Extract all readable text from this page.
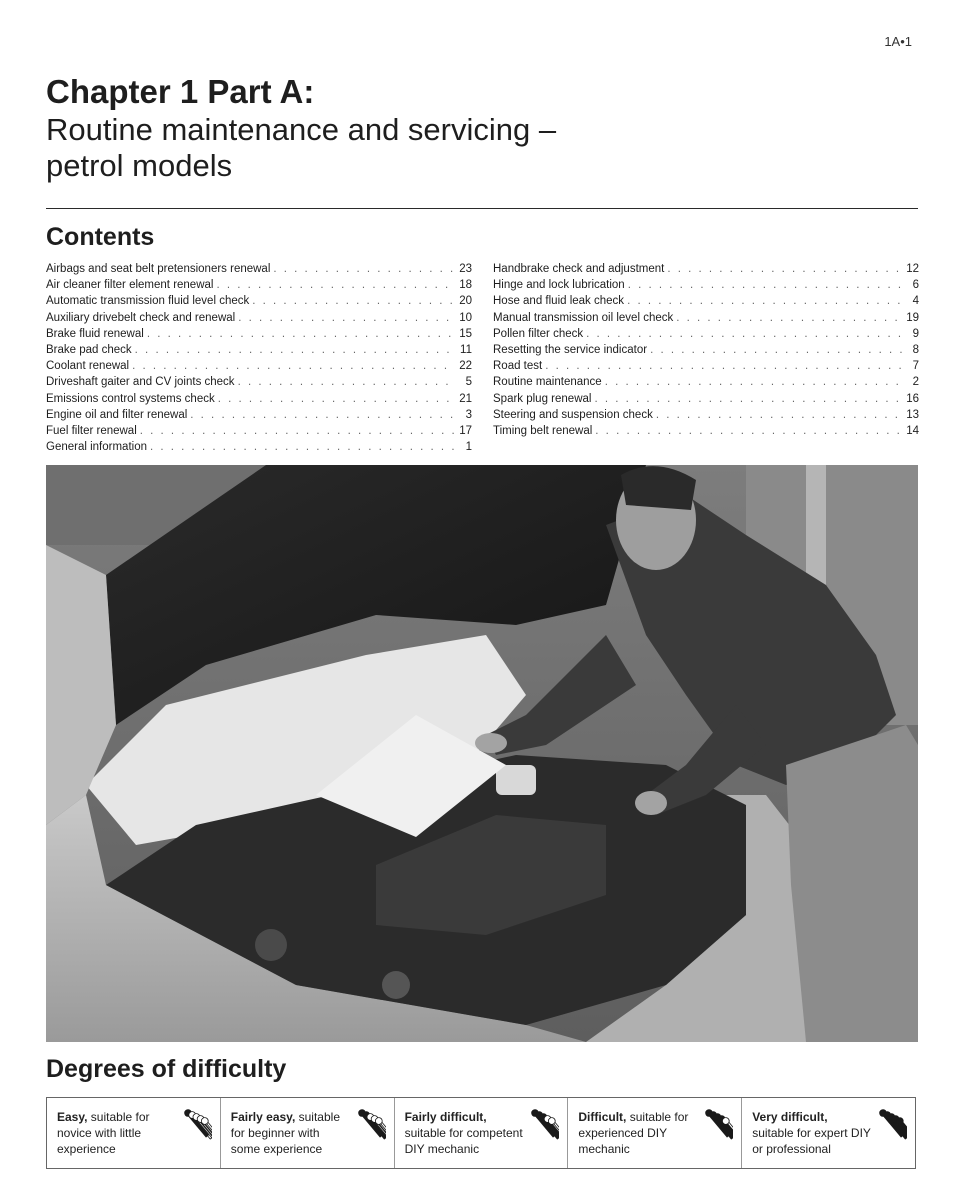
1A•1
Chapter 1 Part A:
Routine maintenance and servicing –
petrol models
Contents
Airbags and seat belt pretensioners renewal . . .	23
Air cleaner filter element renewal . . .	18
Automatic transmission fluid level check . . .	20
Auxiliary drivebelt check and renewal . . .	10
Brake fluid renewal . . .	15
Brake pad check . . .	11
Coolant renewal . . .	22
Driveshaft gaiter and CV joints check . . .	5
Emissions control systems check . . .	21
Engine oil and filter renewal . . .	3
Fuel filter renewal . . .	17
General information . . .	1
Handbrake check and adjustment . . .	12
Hinge and lock lubrication . . .	6
Hose and fluid leak check . . .	4
Manual transmission oil level check . . .	19
Pollen filter check . . .	9
Resetting the service indicator . . .	8
Road test . . .	7
Routine maintenance . . .	2
Spark plug renewal . . .	16
Steering and suspension check . . .	13
Timing belt renewal . . .	14
Degrees of difficulty
Easy, suitable for
novice with little
experience
Fairly easy, suitable
for beginner with
some experience
Fairly difficult,
suitable for competent
DIY mechanic
Difficult, suitable for
experienced DIY
mechanic
Very difficult,
suitable for expert DIY
or professional
